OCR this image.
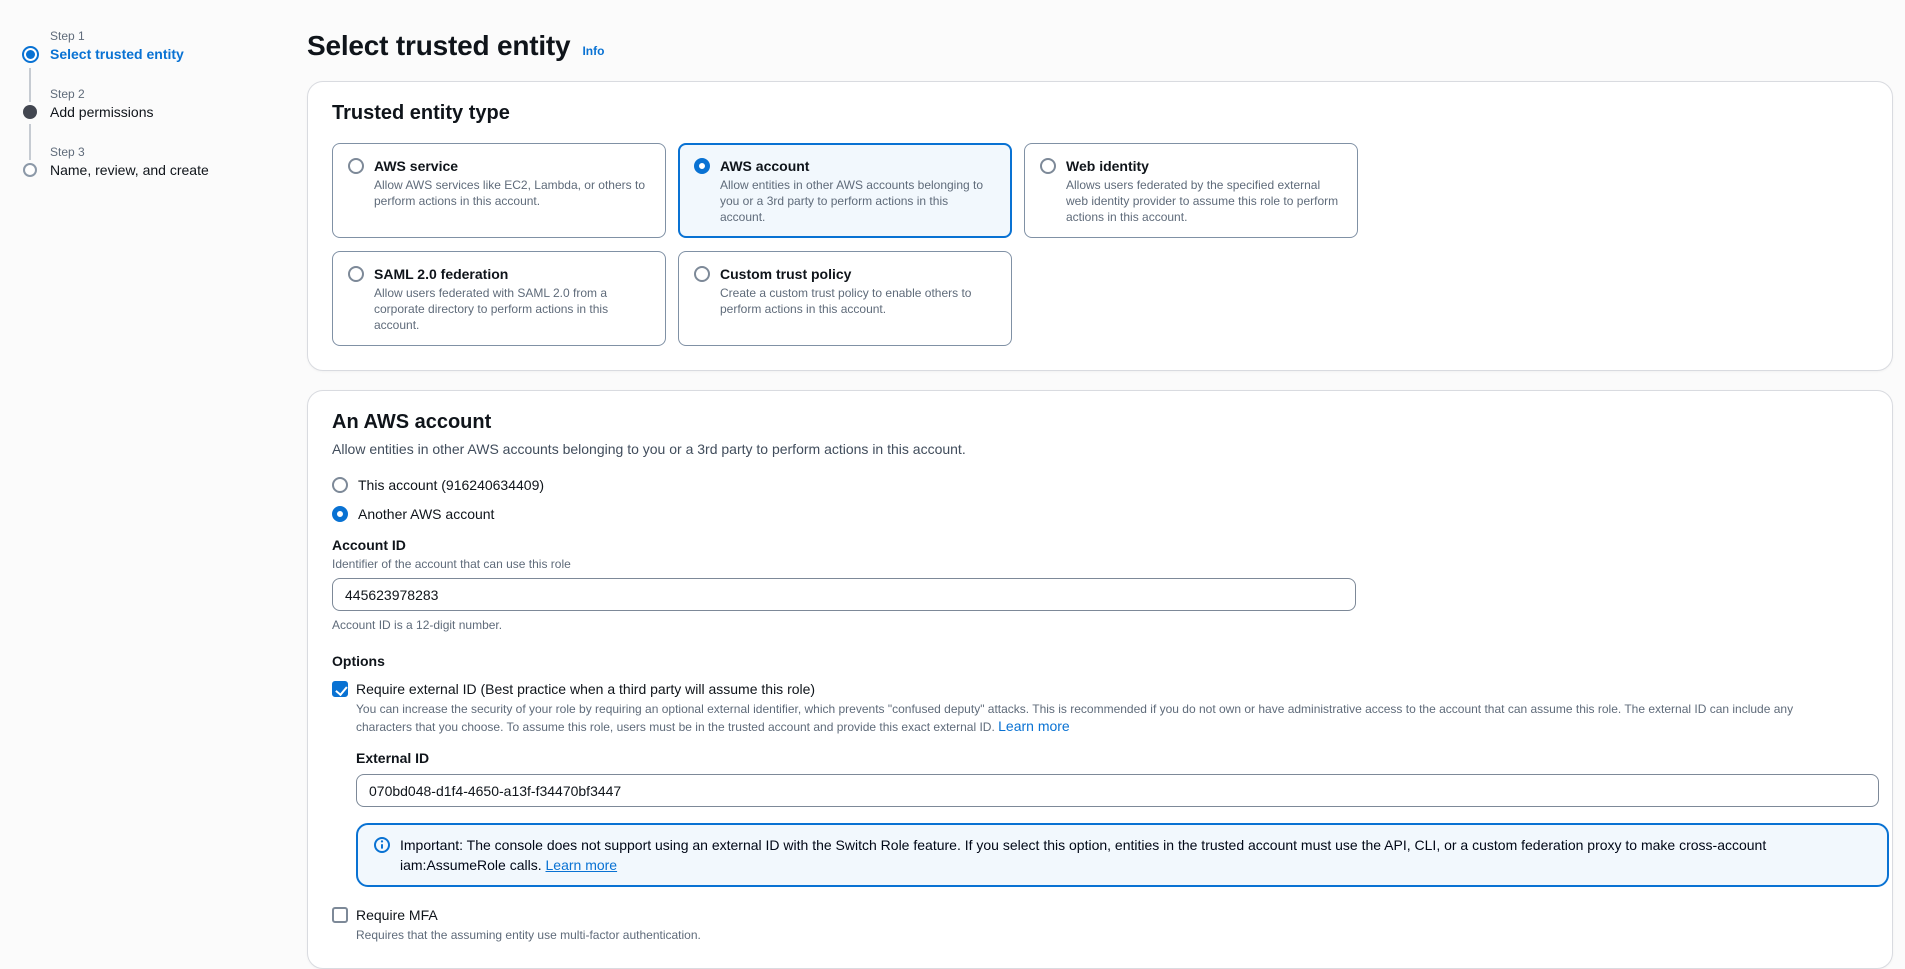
Step 1
Select trusted entity
Step 2
Add permissions
Step 3
Name, review, and create
Select trusted entity Info
Trusted entity type
AWS service
Allow AWS services like EC2, Lambda, or others to perform actions in this account.
AWS account
Allow entities in other AWS accounts belonging to you or a 3rd party to perform actions in this account.
Web identity
Allows users federated by the specified external web identity provider to assume this role to perform actions in this account.
SAML 2.0 federation
Allow users federated with SAML 2.0 from a corporate directory to perform actions in this account.
Custom trust policy
Create a custom trust policy to enable others to perform actions in this account.
An AWS account
Allow entities in other AWS accounts belonging to you or a 3rd party to perform actions in this account.
This account (916240634409)
Another AWS account
Account ID
Identifier of the account that can use this role
445623978283
Account ID is a 12-digit number.
Options
Require external ID (Best practice when a third party will assume this role)
You can increase the security of your role by requiring an optional external identifier, which prevents "confused deputy" attacks. This is recommended if you do not own or have administrative access to the account that can assume this role. The external ID can include any characters that you choose. To assume this role, users must be in the trusted account and provide this exact external ID. Learn more
External ID
070bd048-d1f4-4650-a13f-f34470bf3447
Important: The console does not support using an external ID with the Switch Role feature. If you select this option, entities in the trusted account must use the API, CLI, or a custom federation proxy to make cross-account iam:AssumeRole calls. Learn more
Require MFA
Requires that the assuming entity use multi-factor authentication.
